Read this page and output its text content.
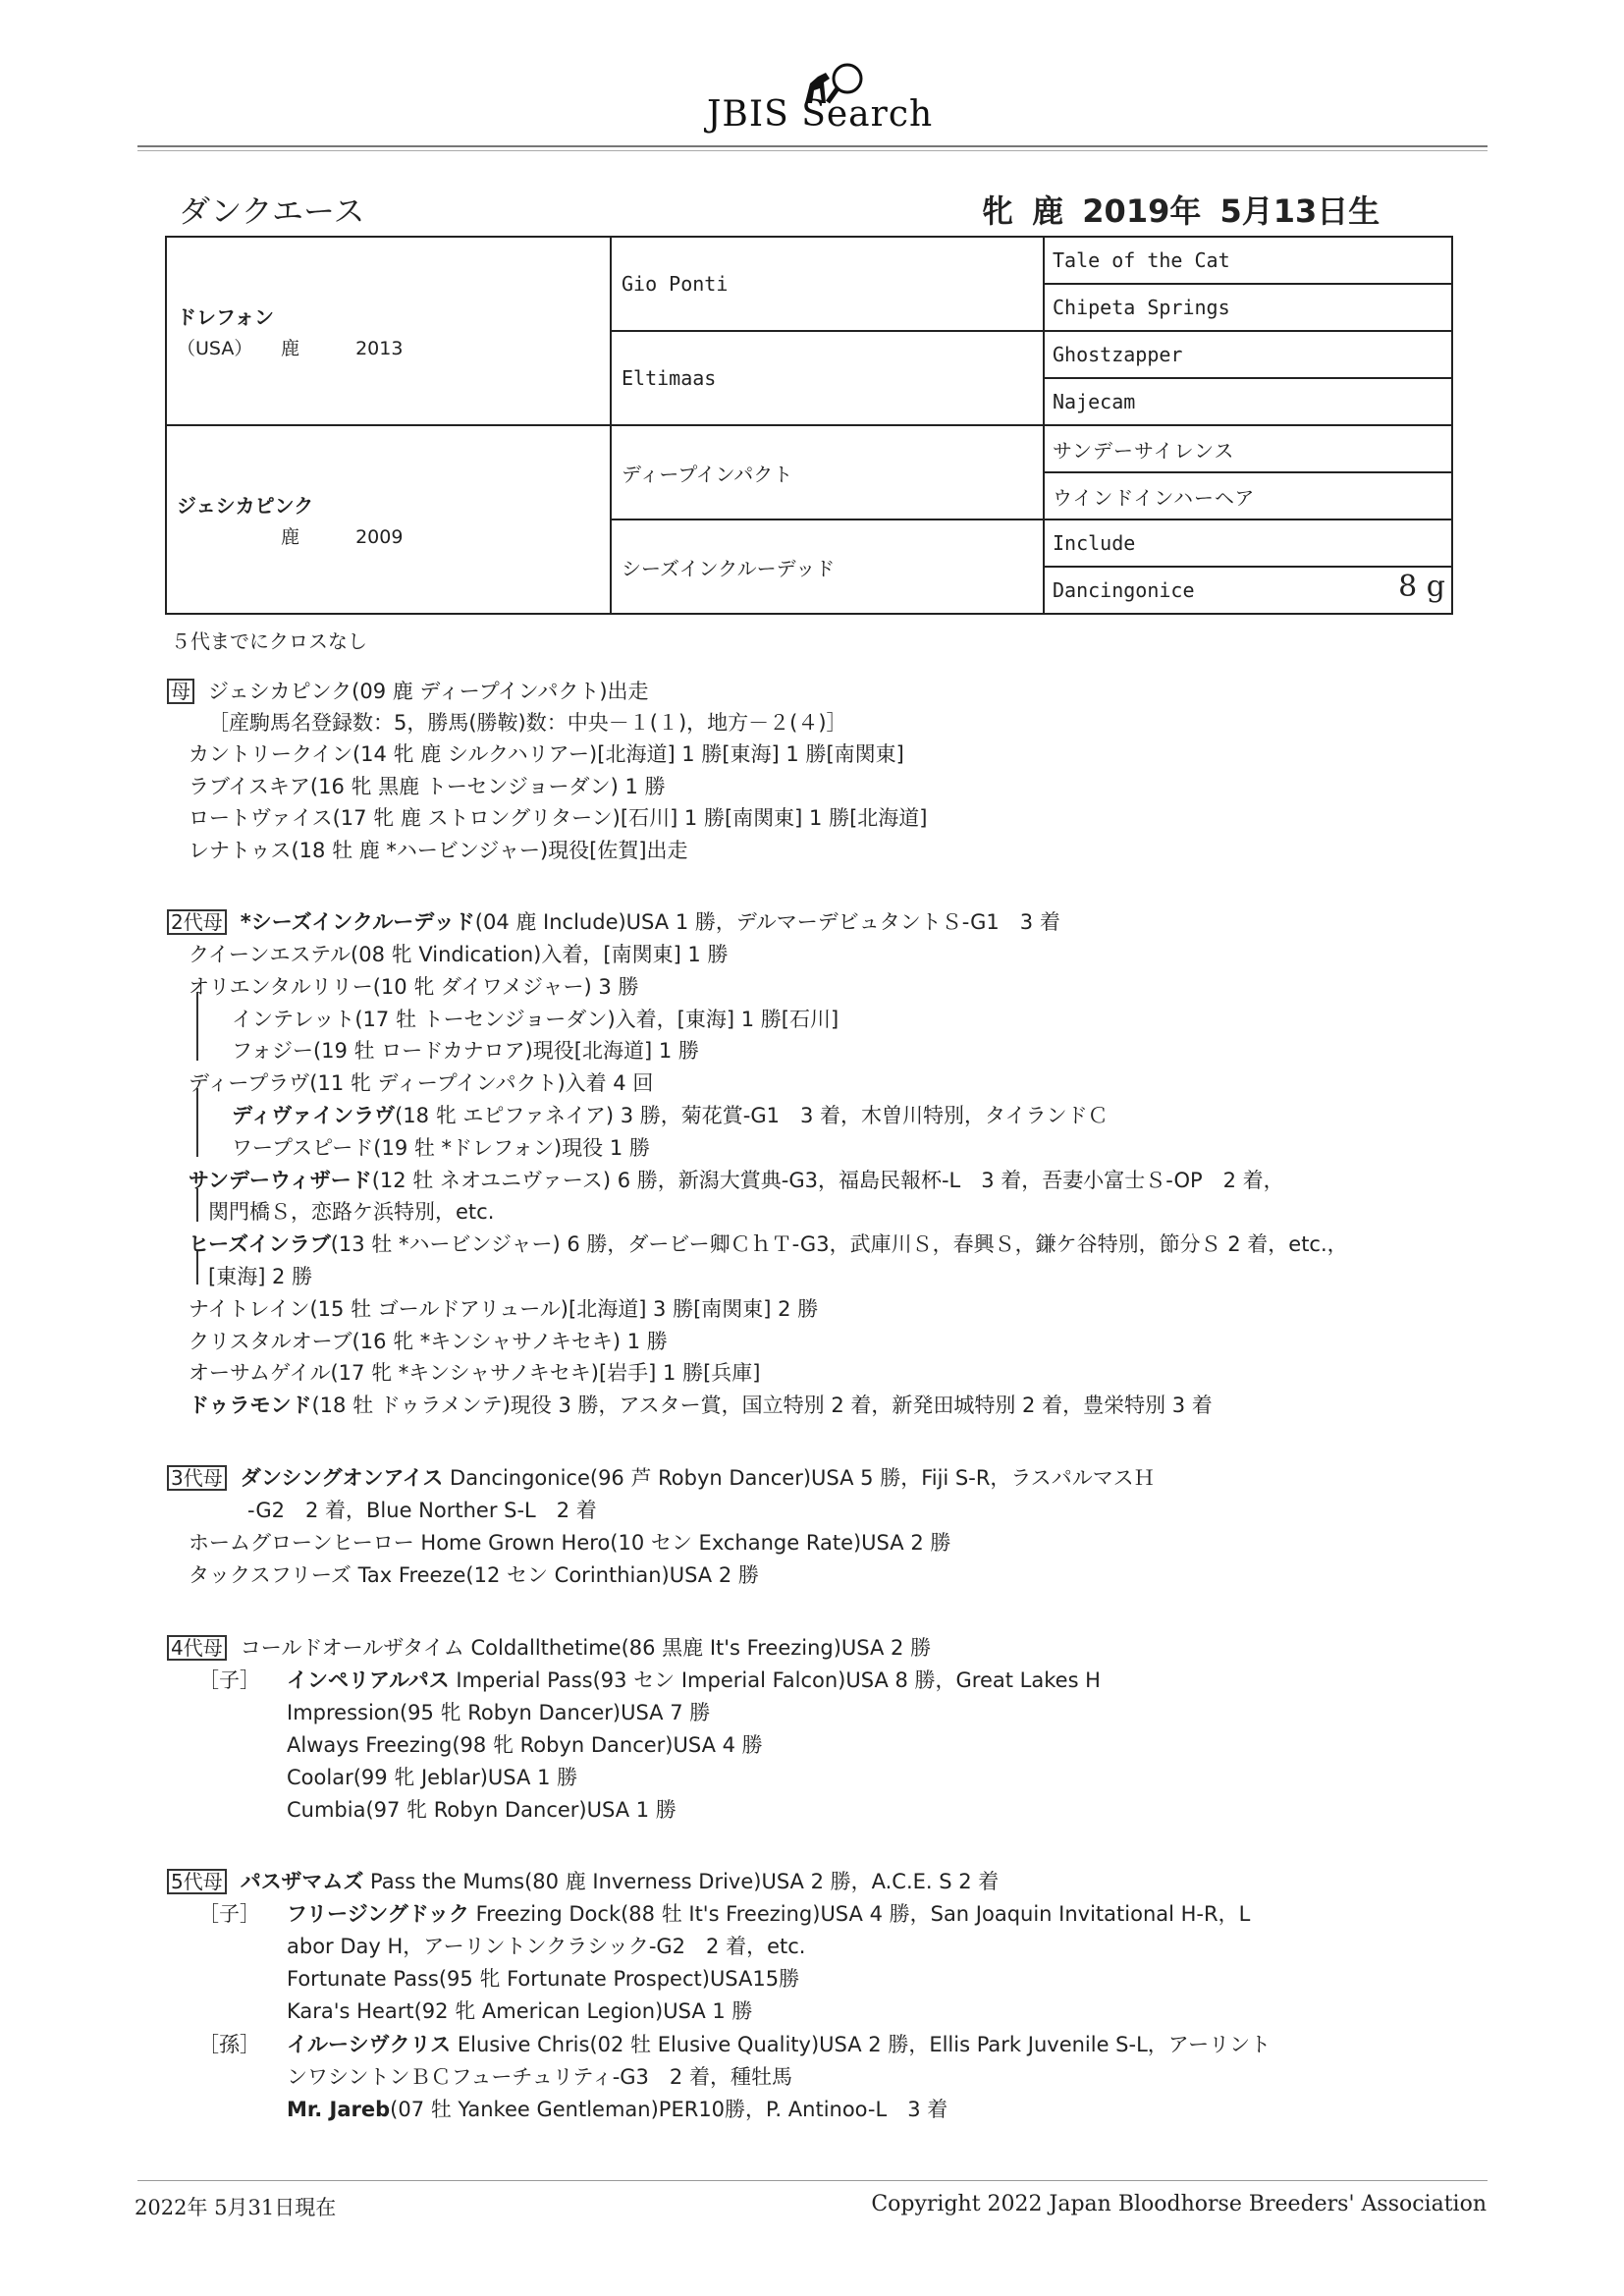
JBIS Search
ダンクエース	牝 鹿 2019年 5月13日生
ドレフォン
（USA） 鹿 2013	Gio Ponti	Tale of the Cat
		Chipeta Springs
	Eltimaas	Ghostzapper
		Najecam

ジェシカピンク
鹿 2009	ディープインパクト	サンデーサイレンス
		ウインドインハーヘア
	シーズインクルーデッド	Include
		Dancingonice 8 g
５代までにクロスなし
母 ジェシカピンク(09 鹿 ディープインパクト)出走
［産駒馬名登録数：5，勝馬(勝鞍)数：中央－１(１)，地方－２(４)］
カントリークイン(14 牝 鹿 シルクハリアー)[北海道] 1 勝[東海] 1 勝[南関東]
ラブイスキア(16 牝 黒鹿 トーセンジョーダン) 1 勝
ロートヴァイス(17 牝 鹿 ストロングリターン)[石川] 1 勝[南関東] 1 勝[北海道]
レナトゥス(18 牡 鹿 *ハービンジャー)現役[佐賀]出走
2代母 *シーズインクルーデッド(04 鹿 Include)USA 1 勝，デルマーデビュタントＳ-G1　3 着
クイーンエステル(08 牝 Vindication)入着，[南関東] 1 勝
オリエンタルリリー(10 牝 ダイワメジャー) 3 勝
インテレット(17 牡 トーセンジョーダン)入着，[東海] 1 勝[石川]
フォジー(19 牡 ロードカナロア)現役[北海道] 1 勝
ディープラヴ(11 牝 ディープインパクト)入着 4 回
ディヴァインラヴ(18 牝 エピファネイア) 3 勝，菊花賞-G1　3 着，木曽川特別，タイランドＣ
ワープスピード(19 牡 *ドレフォン)現役 1 勝
サンデーウィザード(12 牡 ネオユニヴァース) 6 勝，新潟大賞典-G3，福島民報杯-L　3 着，吾妻小富士Ｓ-OP　2 着，
関門橋Ｓ，恋路ケ浜特別，etc.
ヒーズインラブ(13 牡 *ハービンジャー) 6 勝，ダービー卿ＣｈＴ-G3，武庫川Ｓ，春興Ｓ，鎌ケ谷特別，節分Ｓ 2 着，etc.，
[東海] 2 勝
ナイトレイン(15 牡 ゴールドアリュール)[北海道] 3 勝[南関東] 2 勝
クリスタルオーブ(16 牝 *キンシャサノキセキ) 1 勝
オーサムゲイル(17 牝 *キンシャサノキセキ)[岩手] 1 勝[兵庫]
ドゥラモンド(18 牡 ドゥラメンテ)現役 3 勝，アスター賞，国立特別 2 着，新発田城特別 2 着，豊栄特別 3 着
3代母 ダンシングオンアイス Dancingonice(96 芦 Robyn Dancer)USA 5 勝，Fiji S-R，ラスパルマスＨ
-G2　2 着，Blue Norther S-L　2 着
ホームグローンヒーロー Home Grown Hero(10 セン Exchange Rate)USA 2 勝
タックスフリーズ Tax Freeze(12 セン Corinthian)USA 2 勝
4代母 コールドオールザタイム Coldallthetime(86 黒鹿 It's Freezing)USA 2 勝
［子］ インペリアルパス Imperial Pass(93 セン Imperial Falcon)USA 8 勝，Great Lakes H
Impression(95 牝 Robyn Dancer)USA 7 勝
Always Freezing(98 牝 Robyn Dancer)USA 4 勝
Coolar(99 牝 Jeblar)USA 1 勝
Cumbia(97 牝 Robyn Dancer)USA 1 勝
5代母 パスザマムズ Pass the Mums(80 鹿 Inverness Drive)USA 2 勝，A.C.E. S 2 着
［子］ フリージングドック Freezing Dock(88 牡 It's Freezing)USA 4 勝，San Joaquin Invitational H-R，L
abor Day H，アーリントンクラシック-G2　2 着，etc.
Fortunate Pass(95 牝 Fortunate Prospect)USA15勝
Kara's Heart(92 牝 American Legion)USA 1 勝
［孫］ イルーシヴクリス Elusive Chris(02 牡 Elusive Quality)USA 2 勝，Ellis Park Juvenile S-L，アーリント
ンワシントンＢＣフューチュリティ-G3　2 着，種牡馬
Mr. Jareb(07 牡 Yankee Gentleman)PER10勝，P. Antinoo-L　3 着
2022年 5月31日現在	Copyright 2022 Japan Bloodhorse Breeders' Association
